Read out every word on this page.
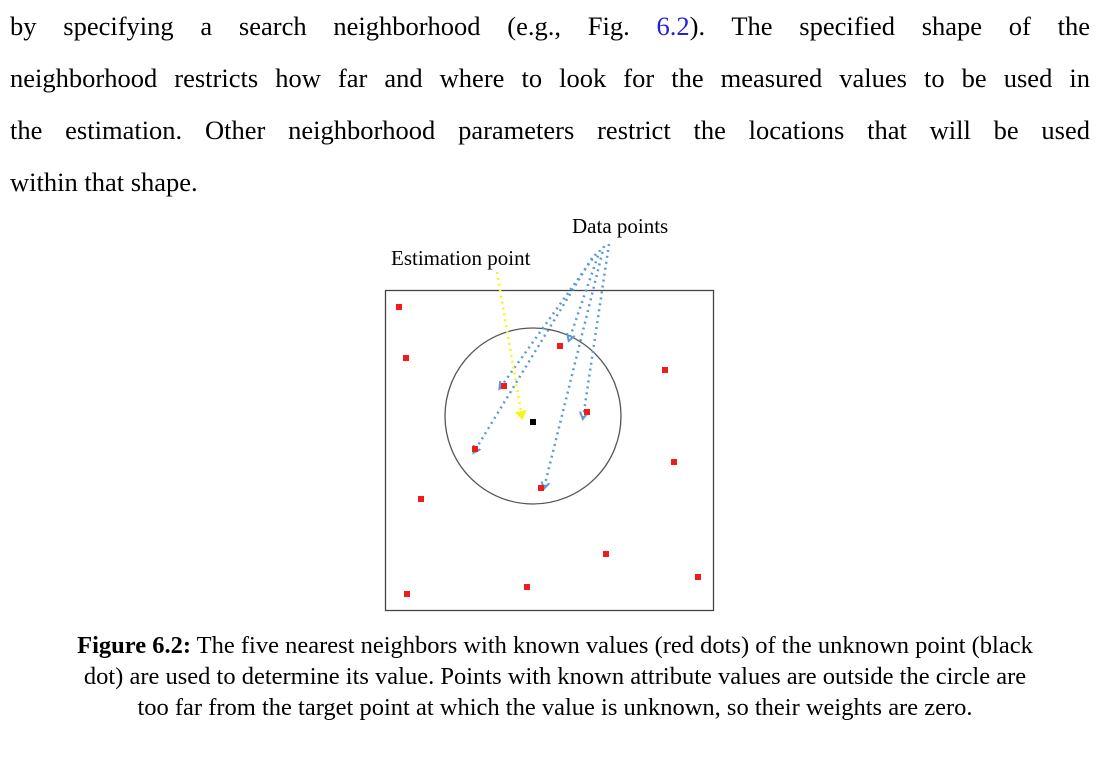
by specifying a search neighborhood (e.g., Fig. 6.2). The specified shape of the
neighborhood restricts how far and where to look for the measured values to be used in
the estimation. Other neighborhood parameters restrict the locations that will be used
within that shape.
Data points
Estimation point
Figure 6.2: The five nearest neighbors with known values (red dots) of the unknown point (black
dot) are used to determine its value. Points with known attribute values are outside the circle are
too far from the target point at which the value is unknown, so their weights are zero.
